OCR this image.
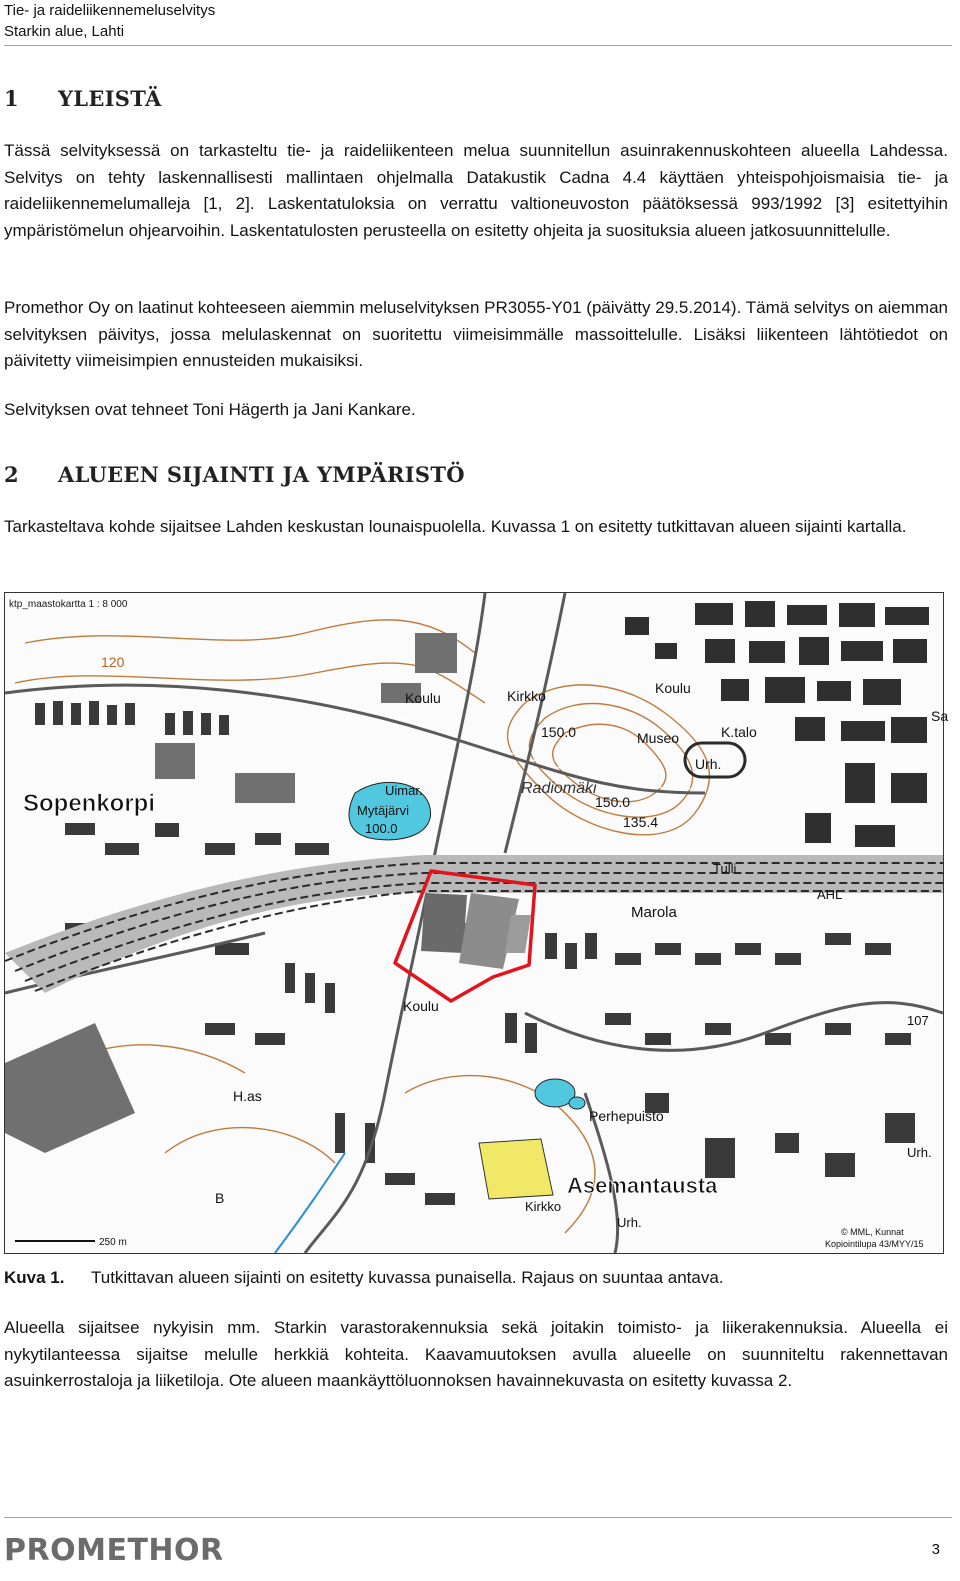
Tie- ja raideliikennemeluselvitys
Starkin alue, Lahti
1 YLEISTÄ

Tässä selvityksessä on tarkasteltu tie- ja raideliikenteen melua suunnitellun asuinrakennuskohteen alueella Lahdessa. Selvitys on tehty laskennallisesti mallintaen ohjelmalla Datakustik Cadna 4.4 käyttäen yhteispohjoismaisia tie- ja raideliikennemelumalleja [1, 2]. Laskentatuloksia on verrattu valtioneuvoston päätöksessä 993/1992 [3] esitettyihin ympäristömelun ohjearvoihin. Laskentatulosten perusteella on esitetty ohjeita ja suosituksia alueen jatkosuunnittelulle.

Promethor Oy on laatinut kohteeseen aiemmin meluselvityksen PR3055-Y01 (päivätty 29.5.2014). Tämä selvitys on aiemman selvityksen päivitys, jossa melulaskennat on suoritettu viimeisimmälle massoittelulle. Lisäksi liikenteen lähtötiedot on päivitetty viimeisimpien ennusteiden mukaisiksi.

Selvityksen ovat tehneet Toni Hägerth ja Jani Kankare.

2 ALUEEN SIJAINTI JA YMPÄRISTÖ

Tarkasteltava kohde sijaitsee Lahden keskustan lounaispuolella. Kuvassa 1 on esitetty tutkittavan alueen sijainti kartalla.

ktp_maastokartta 1 : 8 000
120
Sopenkorpi
Koulu	Kirkko	Koulu
Sa
150.0	Museo	K.talo
Uimar.
Mytäjärvi
100.0
Urh.
Radiomäki
150.0
135.4
Tulli
Marola
AHL
Koulu
107
H.as
Perhepuisto
Urh.
Asemantausta
Kirkko
Urh.
B
250 m
© MML, Kunnat
Kopiointilupa 43/MYY/15
Kuva 1. Tutkittavan alueen sijainti on esitetty kuvassa punaisella. Rajaus on suuntaa antava.

Alueella sijaitsee nykyisin mm. Starkin varastorakennuksia sekä joitakin toimisto- ja liikerakennuksia. Alueella ei nykytilanteessa sijaitse melulle herkkiä kohteita. Kaavamuutoksen avulla alueelle on suunniteltu rakennettavan asuinkerrostaloja ja liiketiloja. Ote alueen maankäyttöluonnoksen havainnekuvasta on esitetty kuvassa 2.

PROMETHOR	3
